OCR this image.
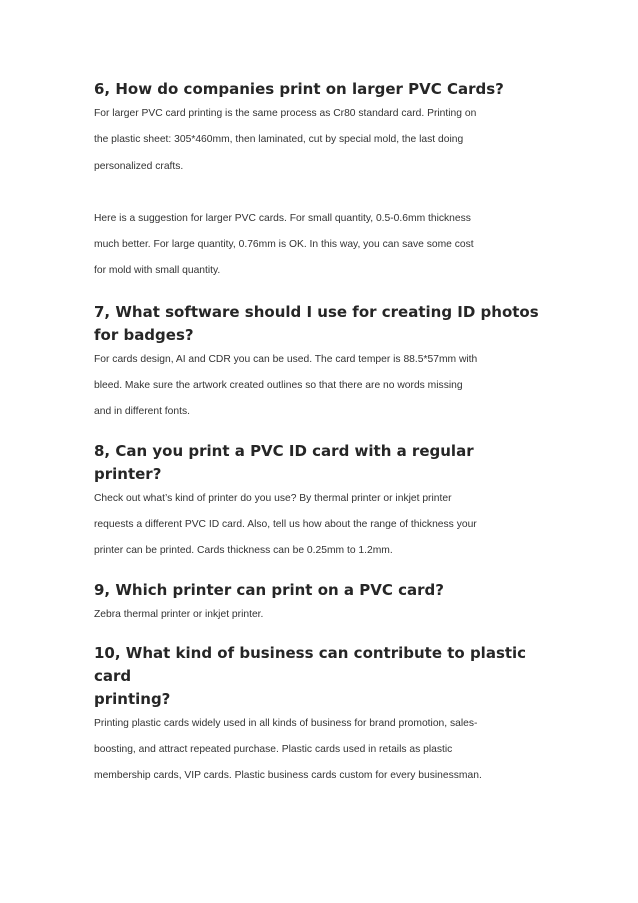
6, How do companies print on larger PVC Cards?
For larger PVC card printing is the same process as Cr80 standard card. Printing on
the plastic sheet: 305*460mm, then laminated, cut by special mold, the last doing
personalized crafts.
Here is a suggestion for larger PVC cards. For small quantity, 0.5-0.6mm thickness
much better. For large quantity, 0.76mm is OK. In this way, you can save some cost
for mold with small quantity.
7, What software should I use for creating ID photos
for badges?
For cards design, AI and CDR you can be used. The card temper is 88.5*57mm with
bleed. Make sure the artwork created outlines so that there are no words missing
and in different fonts.
8, Can you print a PVC ID card with a regular printer?
Check out what’s kind of printer do you use? By thermal printer or inkjet printer
requests a different PVC ID card. Also, tell us how about the range of thickness your
printer can be printed. Cards thickness can be 0.25mm to 1.2mm.
9, Which printer can print on a PVC card?
Zebra thermal printer or inkjet printer.
10, What kind of business can contribute to plastic card
printing?
Printing plastic cards widely used in all kinds of business for brand promotion, sales-
boosting, and attract repeated purchase. Plastic cards used in retails as plastic
membership cards, VIP cards. Plastic business cards custom for every businessman.
